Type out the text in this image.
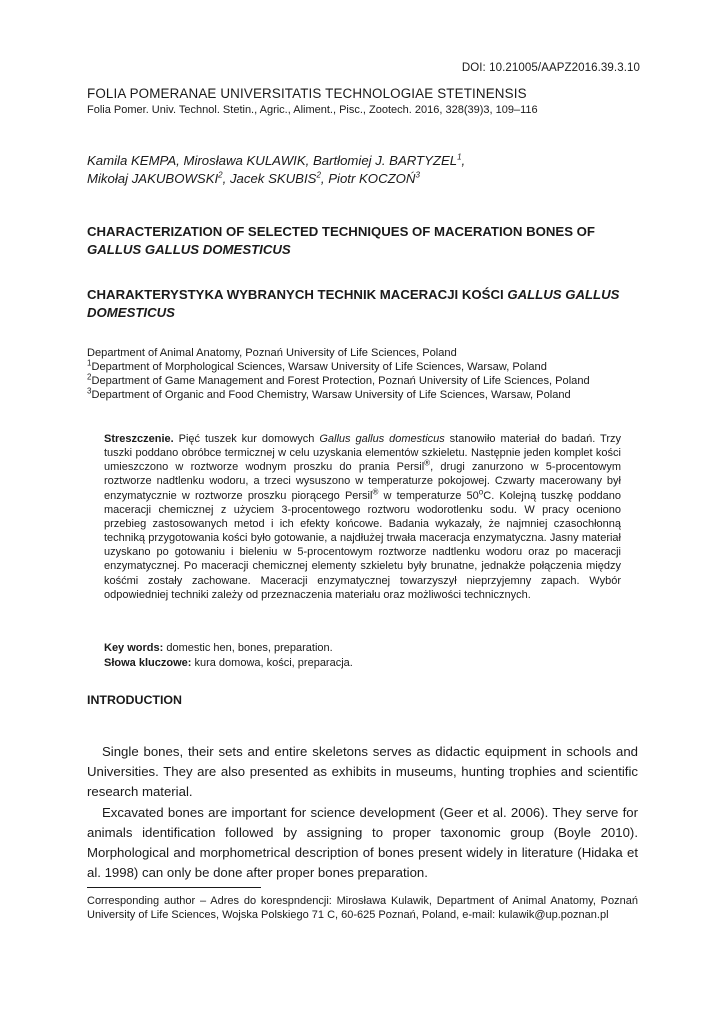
DOI: 10.21005/AAPZ2016.39.3.10
FOLIA POMERANAE UNIVERSITATIS TECHNOLOGIAE STETINENSIS
Folia Pomer. Univ. Technol. Stetin., Agric., Aliment., Pisc., Zootech. 2016, 328(39)3, 109–116
Kamila KEMPA, Mirosława KULAWIK, Bartłomiej J. BARTYZEL$^1$,
Mikołaj JAKUBOWSKI$^2$, Jacek SKUBIS$^2$, Piotr KOCZOŃ$^3$
CHARACTERIZATION OF SELECTED TECHNIQUES OF MACERATION BONES OF GALLUS GALLUS DOMESTICUS
CHARAKTERYSTYKA WYBRANYCH TECHNIK MACERACJI KOŚCI GALLUS GALLUS DOMESTICUS
Department of Animal Anatomy, Poznań University of Life Sciences, Poland
$^1$Department of Morphological Sciences, Warsaw University of Life Sciences, Warsaw, Poland
$^2$Department of Game Management and Forest Protection, Poznań University of Life Sciences, Poland
$^3$Department of Organic and Food Chemistry, Warsaw University of Life Sciences, Warsaw, Poland
Streszczenie. Pięć tuszek kur domowych Gallus gallus domesticus stanowiło materiał do badań. Trzy tuszki poddano obróbce termicznej w celu uzyskania elementów szkieletu. Następnie jeden komplet kości umieszczono w roztworze wodnym proszku do prania Persil®, drugi zanurzono w 5-procentowym roztworze nadtlenku wodoru, a trzeci wysuszono w temperaturze pokojowej. Czwarty macerowany był enzymatycznie w roztworze proszku piorącego Persil® w temperaturze 50$^o$C. Kolejną tuszkę poddano maceracji chemicznej z użyciem 3-procentowego roztworu wodorotlenku sodu. W pracy oceniono przebieg zastosowanych metod i ich efekty końcowe. Badania wykazały, że najmniej czasochłonną techniką przygotowania kości było gotowanie, a najdłużej trwała maceracja enzymatyczna. Jasny materiał uzyskano po gotowaniu i bieleniu w 5-procentowym roztworze nadtlenku wodoru oraz po maceracji enzymatycznej. Po maceracji chemicznej elementy szkieletu były brunatne, jednakże połączenia między kośćmi zostały zachowane. Maceracji enzymatycznej towarzyszył nieprzyjemny zapach. Wybór odpowiedniej techniki zależy od przeznaczenia materiału oraz możliwości technicznych.
Key words: domestic hen, bones, preparation.
Słowa kluczowe: kura domowa, kości, preparacja.
INTRODUCTION

Single bones, their sets and entire skeletons serves as didactic equipment in schools and Universities. They are also presented as exhibits in museums, hunting trophies and scientific research material.

Excavated bones are important for science development (Geer et al. 2006). They serve for animals identification followed by assigning to proper taxonomic group (Boyle 2010). Morphological and morphometrical description of bones present widely in literature (Hidaka et al. 1998) can only be done after proper bones preparation.

Corresponding author – Adres do korespndencji: Mirosława Kulawik, Department of Animal Anatomy, Poznań University of Life Sciences, Wojska Polskiego 71 C, 60-625 Poznań, Poland, e-mail: kulawik@up.poznan.pl
